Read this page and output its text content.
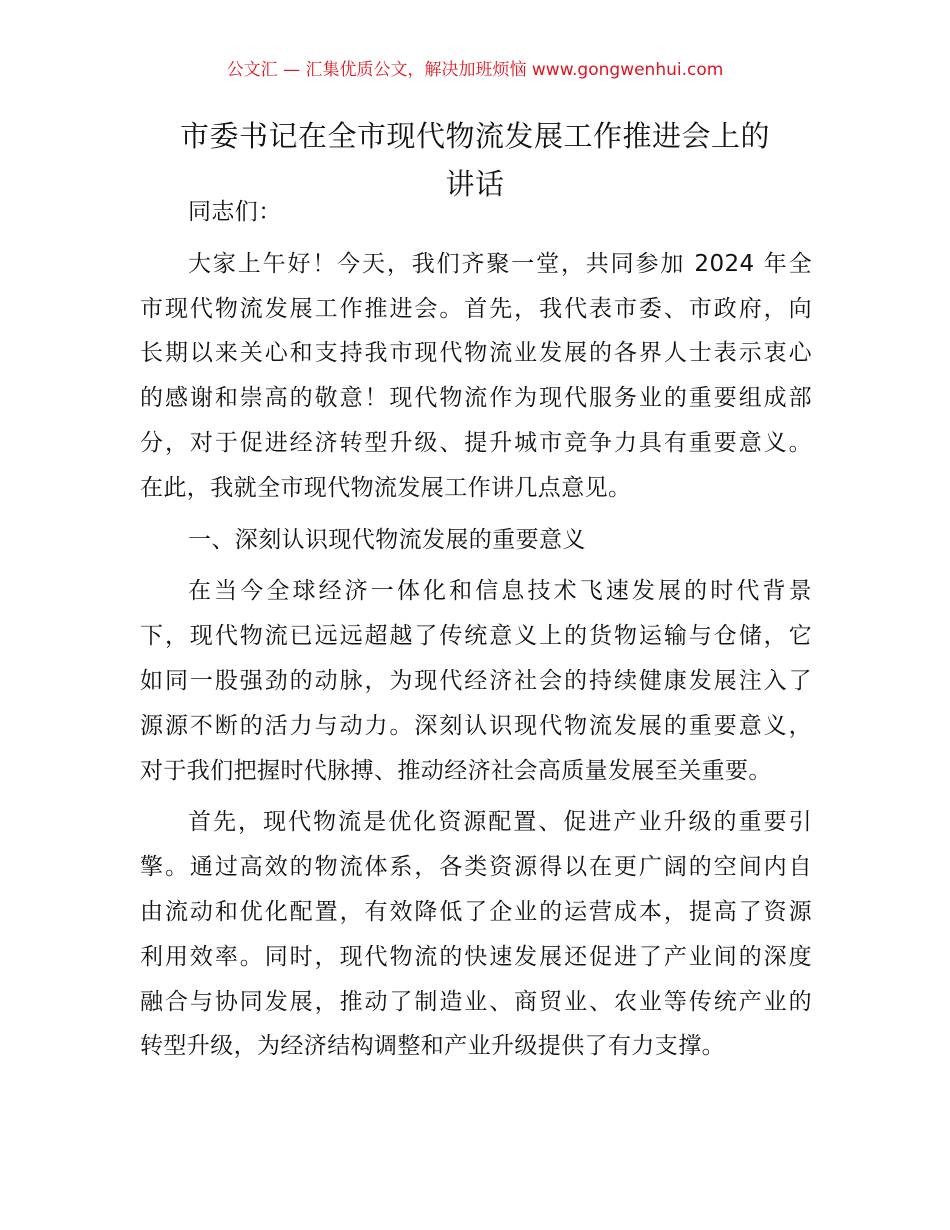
公文汇 — 汇集优质公文，解决加班烦恼 www.gongwenhui.com
市委书记在全市现代物流发展工作推进会上的
讲话

同志们：

大家上午好！今天，我们齐聚一堂，共同参加 2024 年全
市现代物流发展工作推进会。首先，我代表市委、市政府，向
长期以来关心和支持我市现代物流业发展的各界人士表示衷心
的感谢和崇高的敬意！现代物流作为现代服务业的重要组成部
分，对于促进经济转型升级、提升城市竞争力具有重要意义。
在此，我就全市现代物流发展工作讲几点意见。

一、深刻认识现代物流发展的重要意义

在当今全球经济一体化和信息技术飞速发展的时代背景
下，现代物流已远远超越了传统意义上的货物运输与仓储，它
如同一股强劲的动脉，为现代经济社会的持续健康发展注入了
源源不断的活力与动力。深刻认识现代物流发展的重要意义，
对于我们把握时代脉搏、推动经济社会高质量发展至关重要。
首先，现代物流是优化资源配置、促进产业升级的重要引
擎。通过高效的物流体系，各类资源得以在更广阔的空间内自
由流动和优化配置，有效降低了企业的运营成本，提高了资源
利用效率。同时，现代物流的快速发展还促进了产业间的深度
融合与协同发展，推动了制造业、商贸业、农业等传统产业的
转型升级，为经济结构调整和产业升级提供了有力支撑。
